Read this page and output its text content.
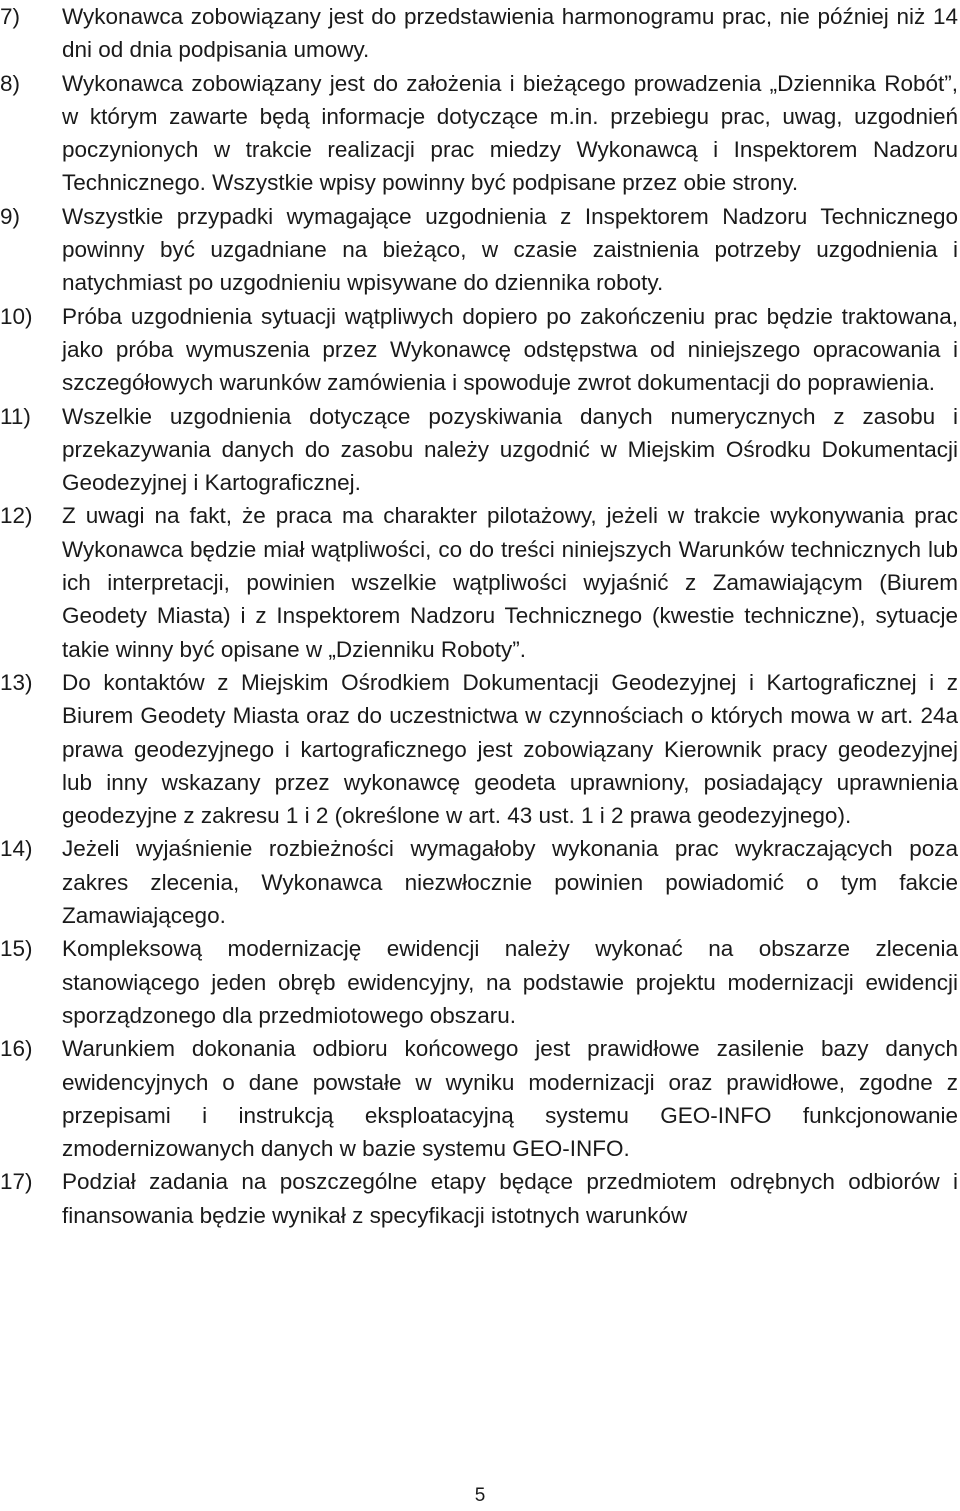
7)	Wykonawca zobowiązany jest do przedstawienia harmonogramu prac, nie później niż 14 dni od dnia podpisania umowy.
8)	Wykonawca zobowiązany jest do założenia i bieżącego prowadzenia „Dziennika Robót”, w którym zawarte będą informacje dotyczące m.in. przebiegu prac, uwag, uzgodnień poczynionych w trakcie realizacji prac miedzy Wykonawcą i Inspektorem Nadzoru Technicznego. Wszystkie wpisy powinny być podpisane przez obie strony.
9)	Wszystkie przypadki wymagające uzgodnienia z Inspektorem Nadzoru Technicznego powinny być uzgadniane na bieżąco, w czasie zaistnienia potrzeby uzgodnienia i natychmiast po uzgodnieniu wpisywane do dziennika roboty.
10)	Próba uzgodnienia sytuacji wątpliwych dopiero po zakończeniu prac będzie traktowana, jako próba wymuszenia przez Wykonawcę odstępstwa od niniejszego opracowania i szczegółowych warunków zamówienia i spowoduje zwrot dokumentacji do poprawienia.
11)	Wszelkie uzgodnienia dotyczące pozyskiwania danych numerycznych z zasobu i przekazywania danych do zasobu należy uzgodnić w Miejskim Ośrodku Dokumentacji Geodezyjnej i Kartograficznej.
12)	Z uwagi na fakt, że praca ma charakter pilotażowy, jeżeli w trakcie wykonywania prac Wykonawca będzie miał wątpliwości, co do treści niniejszych Warunków technicznych lub ich interpretacji, powinien wszelkie wątpliwości wyjaśnić z Zamawiającym (Biurem Geodety Miasta) i z Inspektorem Nadzoru Technicznego (kwestie techniczne), sytuacje takie winny być opisane w „Dzienniku Roboty”.
13)	Do kontaktów z Miejskim Ośrodkiem Dokumentacji Geodezyjnej i Kartograficznej i z Biurem Geodety Miasta oraz do uczestnictwa w czynnościach o których mowa w art. 24a prawa geodezyjnego i kartograficznego jest zobowiązany Kierownik pracy geodezyjnej lub inny wskazany przez wykonawcę geodeta uprawniony, posiadający uprawnienia geodezyjne z zakresu 1 i 2 (określone w art. 43 ust. 1 i 2 prawa geodezyjnego).
14)	Jeżeli wyjaśnienie rozbieżności wymagałoby wykonania prac wykraczających poza zakres zlecenia, Wykonawca niezwłocznie powinien powiadomić o tym fakcie Zamawiającego.
15)	Kompleksową modernizację ewidencji należy wykonać na obszarze zlecenia stanowiącego jeden obręb ewidencyjny, na podstawie projektu modernizacji ewidencji sporządzonego dla przedmiotowego obszaru.
16)	Warunkiem dokonania odbioru końcowego jest prawidłowe zasilenie bazy danych ewidencyjnych o dane powstałe w wyniku modernizacji oraz prawidłowe, zgodne z przepisami i instrukcją eksploatacyjną systemu GEO-INFO funkcjonowanie zmodernizowanych danych w bazie systemu GEO-INFO.
17)	Podział zadania na poszczególne etapy będące przedmiotem odrębnych odbiorów i finansowania będzie wynikał z specyfikacji istotnych warunków
5
